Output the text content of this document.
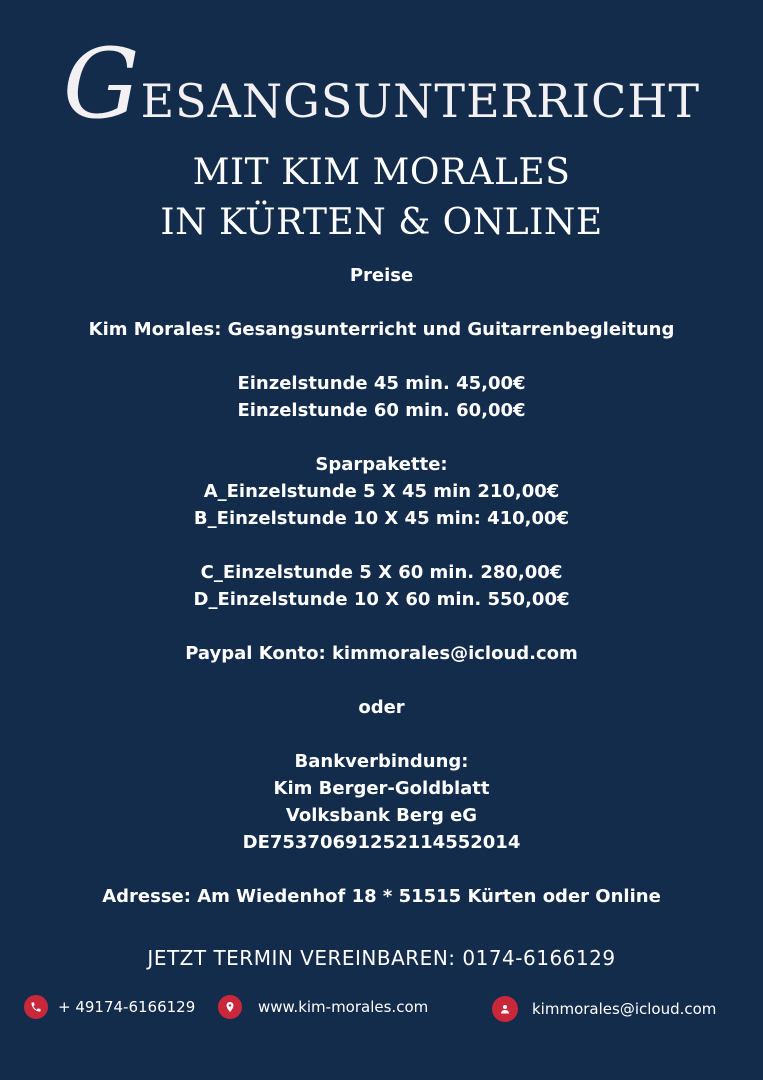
Gesangsunterricht
MIT KIM MORALES
IN KÜRTEN & ONLINE
Preise
Kim Morales: Gesangsunterricht und Guitarrenbegleitung
Einzelstunde 45 min. 45,00€
Einzelstunde 60 min. 60,00€
Sparpakette:
A_Einzelstunde 5 X 45 min 210,00€
B_Einzelstunde 10 X 45 min: 410,00€
C_Einzelstunde 5 X 60 min. 280,00€
D_Einzelstunde 10 X 60 min. 550,00€
Paypal Konto: kimmorales@icloud.com
oder
Bankverbindung:
Kim Berger-Goldblatt
Volksbank Berg eG
DE75370691252114552014
Adresse: Am Wiedenhof 18 * 51515 Kürten oder Online
JETZT TERMIN VEREINBAREN: 0174-6166129
+ 49174-6166129	www.kim-morales.com	kimmorales@icloud.com
